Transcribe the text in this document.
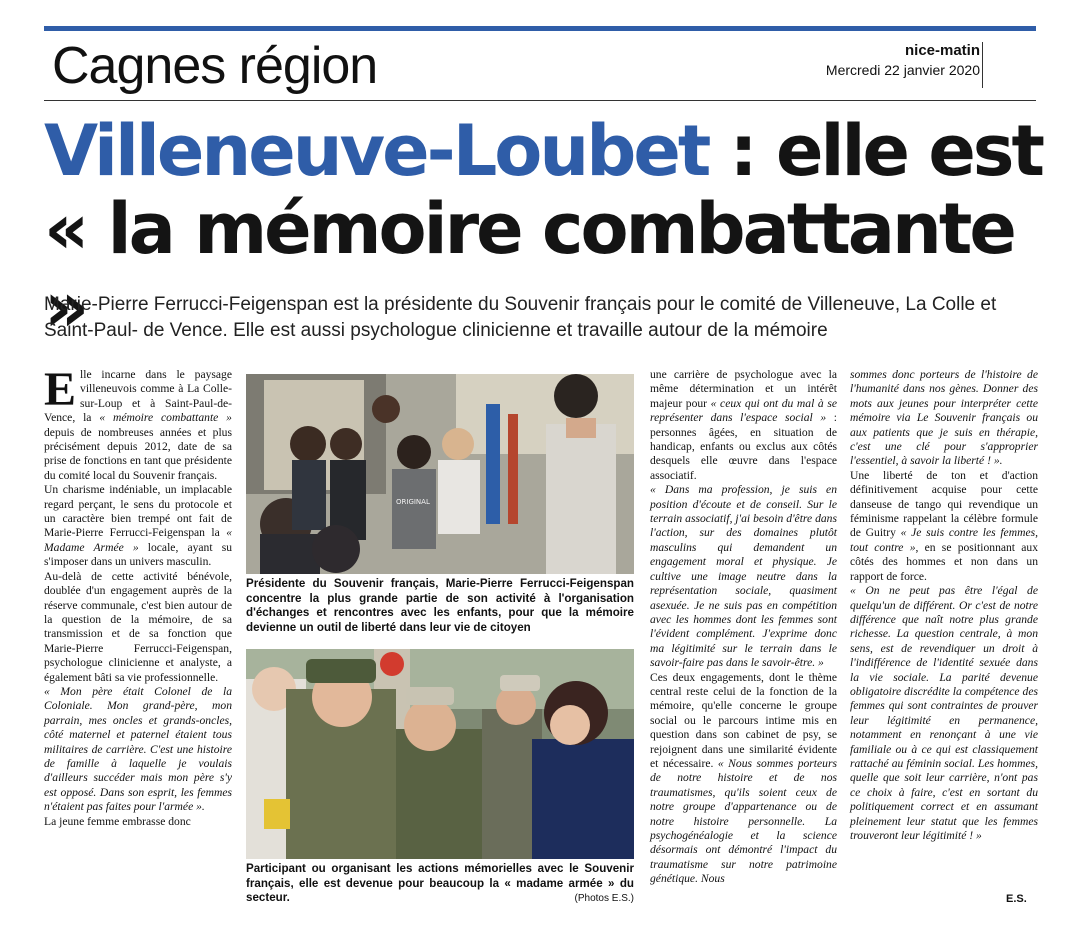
Cagnes région	nice-matin
Mercredi 22 janvier 2020
Villeneuve-Loubet : elle est
« la mémoire combattante »
Marie-Pierre Ferrucci-Feigenspan est la présidente du Souvenir français pour le comité de Villeneuve, La Colle et Saint-Paul- de Vence. Elle est aussi psychologue clinicienne et travaille autour de la mémoire

Elle incarne dans le paysage villeneuvois comme à La Colle-sur-Loup et à Saint-Paul-de-Vence, la « mémoire combattante » depuis de nombreuses années et plus précisément depuis 2012, date de sa prise de fonctions en tant que présidente du comité local du Souvenir français.

Un charisme indéniable, un implacable regard perçant, le sens du protocole et un caractère bien trempé ont fait de Marie-Pierre Ferrucci-Feigenspan la « Madame Armée » locale, ayant su s'imposer dans un univers masculin.

Au-delà de cette activité bénévole, doublée d'un engagement auprès de la réserve communale, c'est bien autour de la question de la mémoire, de sa transmission et de sa fonction que Marie-Pierre Ferrucci-Feigenspan, psychologue clinicienne et analyste, a également bâti sa vie professionnelle.

« Mon père était Colonel de la Coloniale. Mon grand-père, mon parrain, mes oncles et grands-oncles, côté maternel et paternel étaient tous militaires de carrière. C'est une histoire de famille à laquelle je voulais d'ailleurs succéder mais mon père s'y est opposé. Dans son esprit, les femmes n'étaient pas faites pour l'armée ».

La jeune femme embrasse donc

ORIGINAL
Présidente du Souvenir français, Marie-Pierre Ferrucci-Feigenspan concentre la plus grande partie de son activité à l'organisation d'échanges et rencontres avec les enfants, pour que la mémoire devienne un outil de liberté dans leur vie de citoyen
Participant ou organisant les actions mémorielles avec le Souvenir français, elle est devenue pour beaucoup la « madame armée » du secteur.	(Photos E.S.)

une carrière de psychologue avec la même détermination et un intérêt majeur pour « ceux qui ont du mal à se représenter dans l'espace social » : personnes âgées, en situation de handicap, enfants ou exclus aux côtés desquels elle œuvre dans l'espace associatif.

« Dans ma profession, je suis en position d'écoute et de conseil. Sur le terrain associatif, j'ai besoin d'être dans l'action, sur des domaines plutôt masculins qui demandent un engagement moral et physique. Je cultive une image neutre dans la représentation sociale, quasiment asexuée. Je ne suis pas en compétition avec les hommes dont les femmes sont l'évident complément. J'exprime donc ma légitimité sur le terrain dans le savoir-faire pas dans le savoir-être. »

Ces deux engagements, dont le thème central reste celui de la fonction de la mémoire, qu'elle concerne le groupe social ou le parcours intime mis en question dans son cabinet de psy, se rejoignent dans une similarité évidente et nécessaire. « Nous sommes porteurs de notre histoire et de nos traumatismes, qu'ils soient ceux de notre groupe d'appartenance ou de notre histoire personnelle. La psychogénéalogie et la science désormais ont démontré l'impact du traumatisme sur notre patrimoine génétique. Nous

sommes donc porteurs de l'histoire de l'humanité dans nos gènes. Donner des mots aux jeunes pour interpréter cette mémoire via Le Souvenir français ou aux patients que je suis en thérapie, c'est une clé pour s'approprier l'essentiel, à savoir la liberté ! ».

Une liberté de ton et d'action définitivement acquise pour cette danseuse de tango qui revendique un féminisme rappelant la célèbre formule de Guitry « Je suis contre les femmes, tout contre », en se positionnant aux côtés des hommes et non dans un rapport de force.

« On ne peut pas être l'égal de quelqu'un de différent. Or c'est de notre différence que naît notre plus grande richesse. La question centrale, à mon sens, est de revendiquer un droit à l'indifférence de l'identité sexuée dans la vie sociale. La parité devenue obligatoire discrédite la compétence des femmes qui sont contraintes de prouver leur légitimité en permanence, notamment en renonçant à une vie familiale ou à ce qui est classiquement rattaché au féminin social. Les hommes, quelle que soit leur carrière, n'ont pas ce choix à faire, c'est en sortant du politiquement correct et en assumant pleinement leur statut que les femmes trouveront leur légitimité ! »

E.S.
